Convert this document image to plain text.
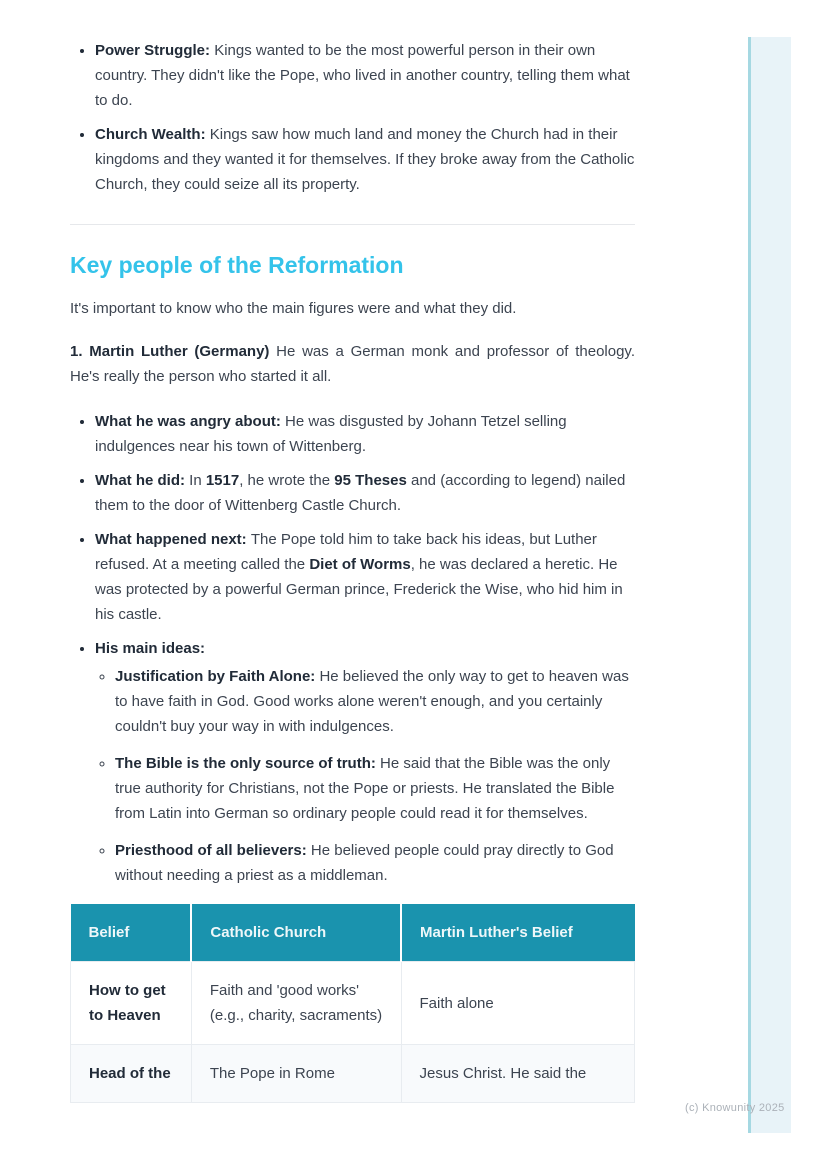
• Power Struggle: Kings wanted to be the most powerful person in their own country. They didn't like the Pope, who lived in another country, telling them what to do.
• Church Wealth: Kings saw how much land and money the Church had in their kingdoms and they wanted it for themselves. If they broke away from the Catholic Church, they could seize all its property.
Key people of the Reformation

It's important to know who the main figures were and what they did.

1. Martin Luther (Germany) He was a German monk and professor of theology. He's really the person who started it all.

• What he was angry about: He was disgusted by Johann Tetzel selling indulgences near his town of Wittenberg.
• What he did: In 1517, he wrote the 95 Theses and (according to legend) nailed them to the door of Wittenberg Castle Church.
• What happened next: The Pope told him to take back his ideas, but Luther refused. At a meeting called the Diet of Worms, he was declared a heretic. He was protected by a powerful German prince, Frederick the Wise, who hid him in his castle.
• His main ideas:
◦ Justification by Faith Alone: He believed the only way to get to heaven was to have faith in God. Good works alone weren't enough, and you certainly couldn't buy your way in with indulgences.
◦ The Bible is the only source of truth: He said that the Bible was the only true authority for Christians, not the Pope or priests. He translated the Bible from Latin into German so ordinary people could read it for themselves.
◦ Priesthood of all believers: He believed people could pray directly to God without needing a priest as a middleman.
Belief	Catholic Church	Martin Luther's Belief
How to get to Heaven	Faith and 'good works' (e.g., charity, sacraments)	Faith alone
Head of the	The Pope in Rome	Jesus Christ. He said the
(c) Knowunity 2025
